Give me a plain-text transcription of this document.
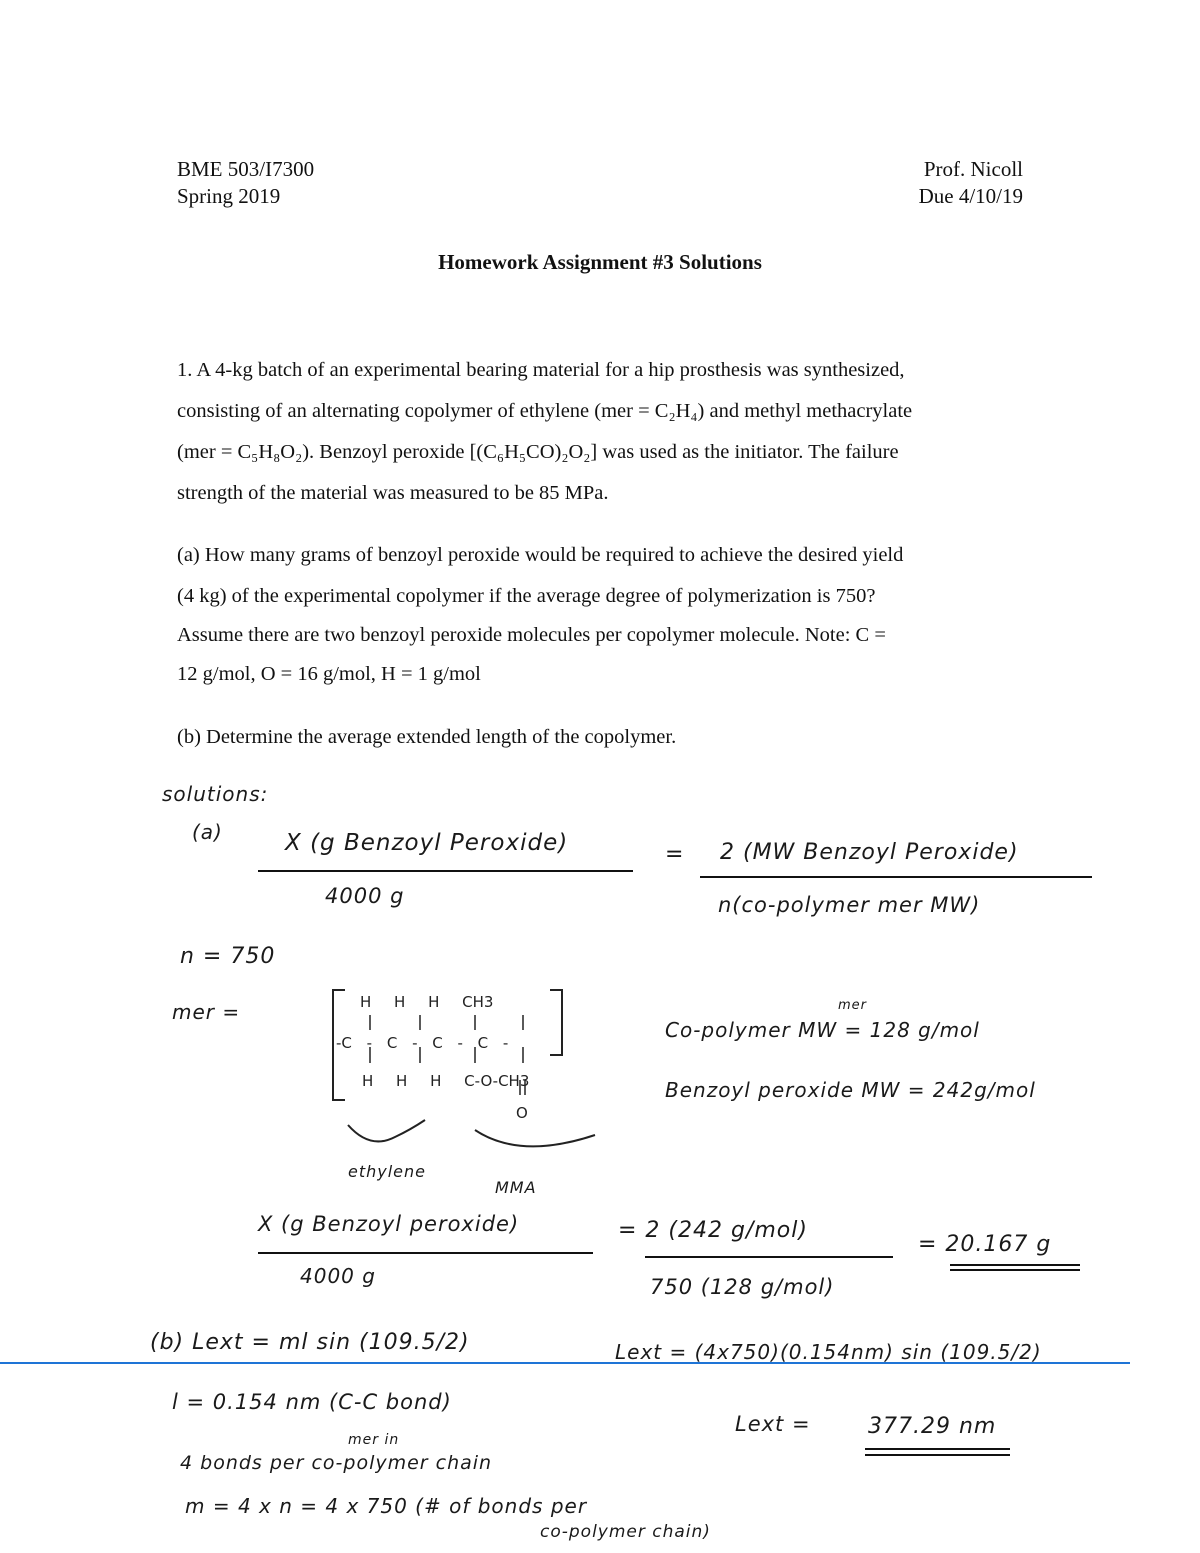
BME 503/I7300
Spring 2019
Prof. Nicoll
Due 4/10/19
Homework Assignment #3 Solutions
1. A 4-kg batch of an experimental bearing material for a hip prosthesis was synthesized,
consisting of an alternating copolymer of ethylene (mer = C₂H₄) and methyl methacrylate
(mer = C₅H₈O₂). Benzoyl peroxide [(C₆H₅CO)₂O₂] was used as the initiator. The failure
strength of the material was measured to be 85 MPa.
(a) How many grams of benzoyl peroxide would be required to achieve the desired yield
(4 kg) of the experimental copolymer if the average degree of polymerization is 750?
Assume there are two benzoyl peroxide molecules per copolymer molecule. Note: C =
12 g/mol, O = 16 g/mol, H = 1 g/mol
(b) Determine the average extended length of the copolymer.
solutions:
(a)	X (g Benzoyl Peroxide)
4000 g
= 2 (MW Benzoyl Peroxide)
n(co-polymer mer MW)
n = 750
mer =	H H H CH3
-C - C - C - C -
H H H C-O-CH3
O
ethylene
MMA
mer
Co-polymer MW = 128 g/mol
Benzoyl peroxide MW = 242g/mol
X (g Benzoyl peroxide)
4000 g
= 2 (242 g/mol)
750 (128 g/mol)
= 20.167 g
(b) Lext = ml sin (109.5/2)	Lext = (4x750)(0.154nm) sin (109.5/2)
l = 0.154 nm (C-C bond)
Lext =	377.29 nm
mer in
4 bonds per co-polymer chain
m = 4 x n = 4 x 750 (# of bonds per
co-polymer chain)
